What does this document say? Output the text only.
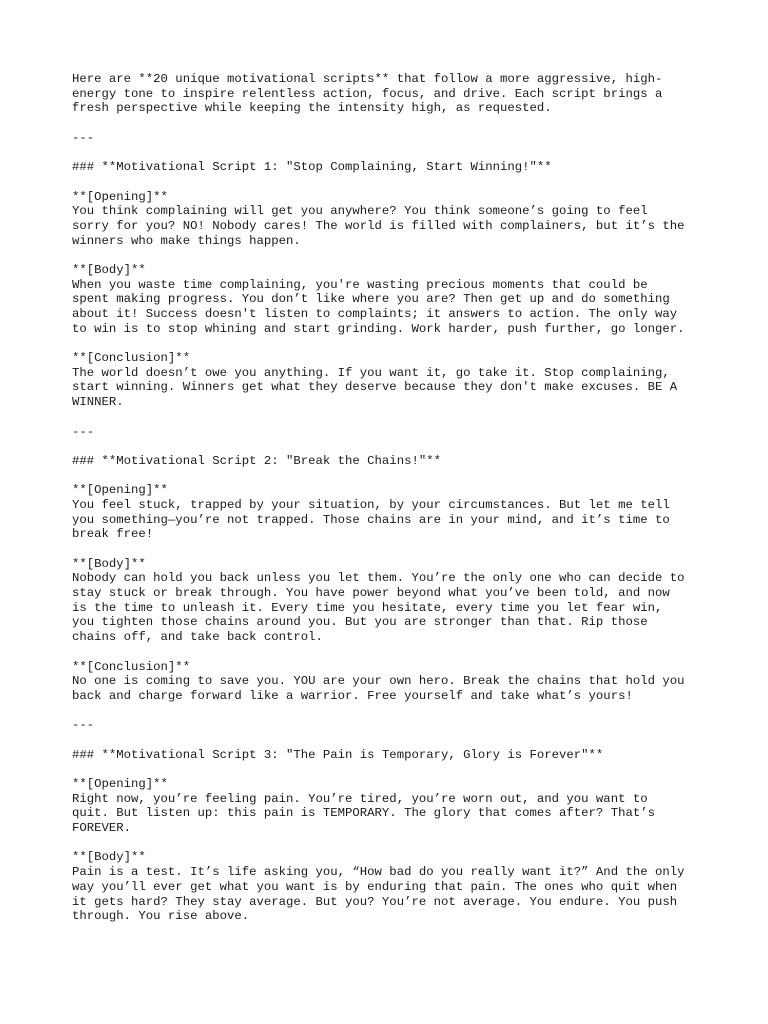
Here are **20 unique motivational scripts** that follow a more aggressive, high-
energy tone to inspire relentless action, focus, and drive. Each script brings a
fresh perspective while keeping the intensity high, as requested.
---
### **Motivational Script 1: "Stop Complaining, Start Winning!"**
**[Opening]**
You think complaining will get you anywhere? You think someone’s going to feel
sorry for you? NO! Nobody cares! The world is filled with complainers, but it’s the
winners who make things happen.
**[Body]**
When you waste time complaining, you're wasting precious moments that could be
spent making progress. You don’t like where you are? Then get up and do something
about it! Success doesn't listen to complaints; it answers to action. The only way
to win is to stop whining and start grinding. Work harder, push further, go longer.
**[Conclusion]**
The world doesn’t owe you anything. If you want it, go take it. Stop complaining,
start winning. Winners get what they deserve because they don't make excuses. BE A
WINNER.
---
### **Motivational Script 2: "Break the Chains!"**
**[Opening]**
You feel stuck, trapped by your situation, by your circumstances. But let me tell
you something—you’re not trapped. Those chains are in your mind, and it’s time to
break free!
**[Body]**
Nobody can hold you back unless you let them. You’re the only one who can decide to
stay stuck or break through. You have power beyond what you’ve been told, and now
is the time to unleash it. Every time you hesitate, every time you let fear win,
you tighten those chains around you. But you are stronger than that. Rip those
chains off, and take back control.
**[Conclusion]**
No one is coming to save you. YOU are your own hero. Break the chains that hold you
back and charge forward like a warrior. Free yourself and take what’s yours!
---
### **Motivational Script 3: "The Pain is Temporary, Glory is Forever"**
**[Opening]**
Right now, you’re feeling pain. You’re tired, you’re worn out, and you want to
quit. But listen up: this pain is TEMPORARY. The glory that comes after? That’s
FOREVER.
**[Body]**
Pain is a test. It’s life asking you, “How bad do you really want it?” And the only
way you’ll ever get what you want is by enduring that pain. The ones who quit when
it gets hard? They stay average. But you? You’re not average. You endure. You push
through. You rise above.
